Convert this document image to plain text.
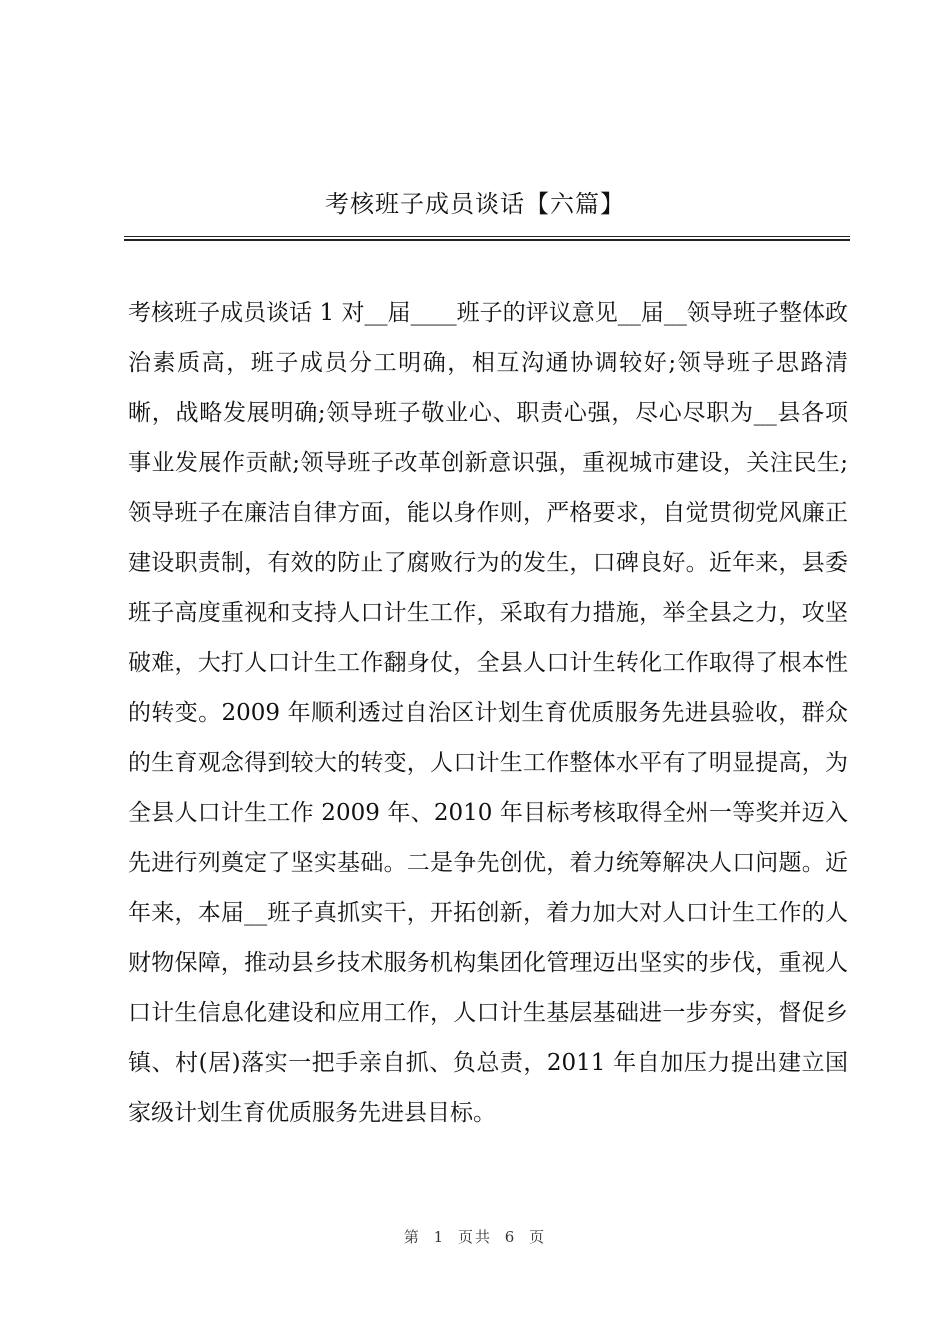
考核班子成员谈话【六篇】
考核班子成员谈话 1 对__届____班子的评议意见__届__领导班子整体政治素质高，班子成员分工明确，相互沟通协调较好;领导班子思路清晰，战略发展明确;领导班子敬业心、职责心强，尽心尽职为__县各项事业发展作贡献;领导班子改革创新意识强，重视城市建设，关注民生;领导班子在廉洁自律方面，能以身作则，严格要求，自觉贯彻党风廉正建设职责制，有效的防止了腐败行为的发生，口碑良好。近年来，县委班子高度重视和支持人口计生工作，采取有力措施，举全县之力，攻坚破难，大打人口计生工作翻身仗，全县人口计生转化工作取得了根本性的转变。2009 年顺利透过自治区计划生育优质服务先进县验收，群众的生育观念得到较大的转变，人口计生工作整体水平有了明显提高，为全县人口计生工作 2009 年、2010 年目标考核取得全州一等奖并迈入先进行列奠定了坚实基础。二是争先创优，着力统筹解决人口问题。近年来，本届__班子真抓实干，开拓创新，着力加大对人口计生工作的人财物保障，推动县乡技术服务机构集团化管理迈出坚实的步伐，重视人口计生信息化建设和应用工作，人口计生基层基础进一步夯实，督促乡镇、村(居)落实一把手亲自抓、负总责，2011 年自加压力提出建立国家级计划生育优质服务先进县目标。
第 1 页共 6 页
